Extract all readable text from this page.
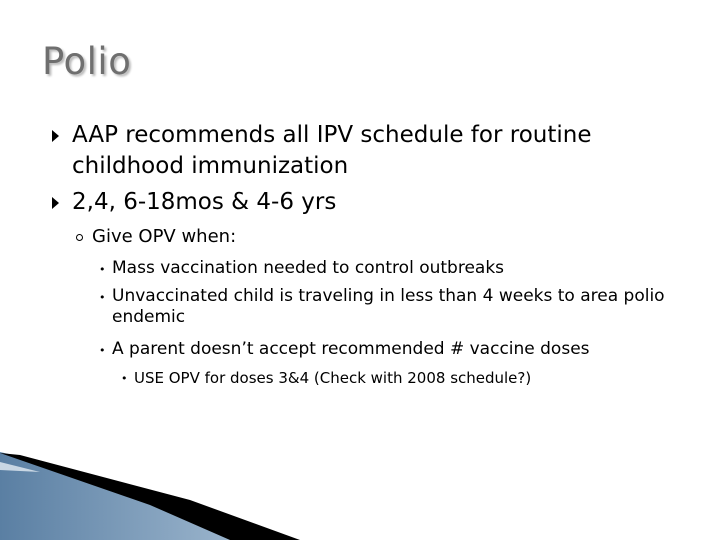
Polio
AAP recommends all IPV schedule for routine childhood immunization
2,4, 6-18mos & 4-6 yrs
Give OPV when:
• Mass vaccination needed to control outbreaks
• Unvaccinated child is traveling in less than 4 weeks to area polio endemic
• A parent doesn’t accept recommended # vaccine doses
• USE OPV for doses 3&4 (Check with 2008 schedule?)
